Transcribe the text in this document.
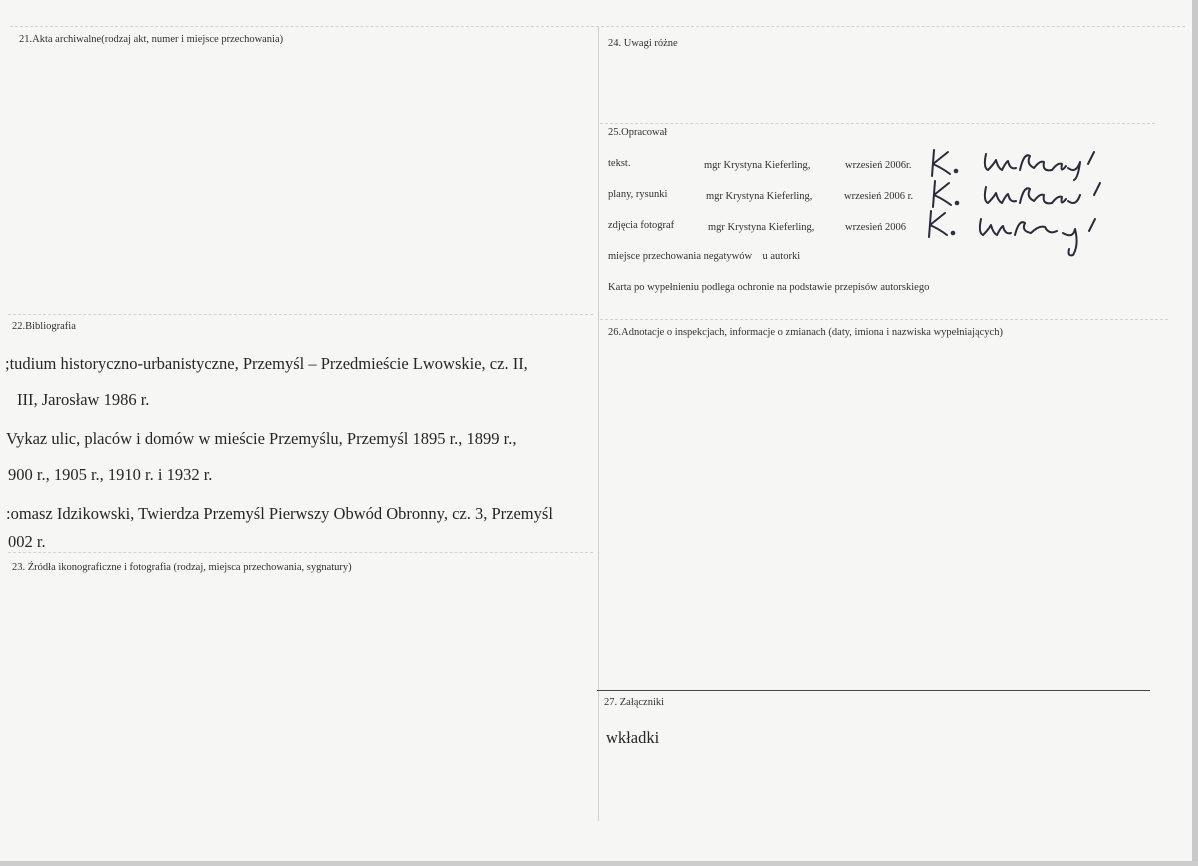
21.Akta archiwalne(rodzaj akt, numer i miejsce przechowania)	24. Uwagi różne
25.Opracował
tekst.	mgr Krystyna Kieferling,	wrzesień 2006r.
plany, rysunki	mgr Krystyna Kieferling,	wrzesień 2006 r.
zdjęcia fotograf	mgr Krystyna Kieferling,	wrzesień 2006
miejsce przechowania negatywów    u autorki
Karta po wypełnieniu podlega ochronie na podstawie przepisów autorskiego
22.Bibliografia
;tudium historyczno-urbanistyczne, Przemyśl – Przedmieście Lwowskie, cz. II,
III, Jarosław 1986 r.
Vykaz ulic, placów i domów w mieście Przemyślu, Przemyśl 1895 r., 1899 r.,
900 r., 1905 r., 1910 r. i 1932 r.
:omasz Idzikowski, Twierdza Przemyśl Pierwszy Obwód Obronny, cz. 3, Przemyśl
002 r.
23. Źródła ikonograficzne i fotografia (rodzaj, miejsca przechowania, sygnatury)
26.Adnotacje o inspekcjach, informacje o zmianach (daty, imiona i nazwiska wypełniających)
27. Załączniki
wkładki
